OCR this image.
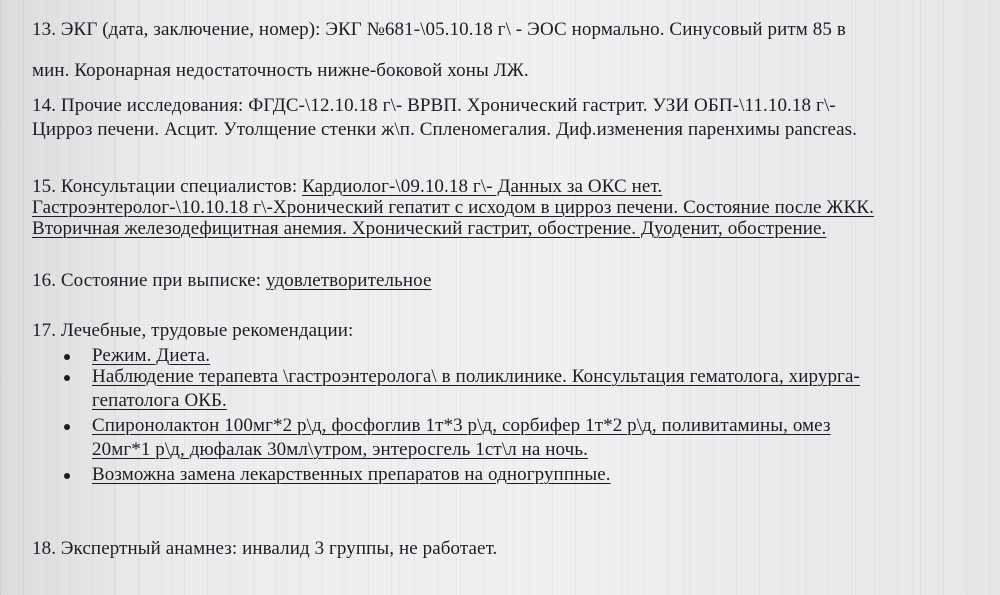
13. ЭКГ (дата, заключение, номер): ЭКГ №681-\05.10.18 г\ - ЭОС нормально. Синусовый ритм 85 в
мин. Коронарная недостаточность нижне-боковой хоны ЛЖ.
14. Прочие исследования: ФГДС-\12.10.18 г\- ВРВП. Хронический гастрит. УЗИ ОБП-\11.10.18 г\-
Цирроз печени. Асцит. Утолщение стенки ж\п. Спленомегалия. Диф.изменения паренхимы pancreas.
15. Консультации специалистов: Кардиолог-\09.10.18 г\- Данных за ОКС нет.
Гастроэнтеролог-\10.10.18 г\-Хронический гепатит с исходом в цирроз печени. Состояние после ЖКК.
Вторичная железодефицитная анемия. Хронический гастрит, обострение. Дуоденит, обострение.
16. Состояние при выписке: удовлетворительное
17. Лечебные, трудовые рекомендации:
Режим. Диета.
Наблюдение терапевта \гастроэнтеролога\ в поликлинике. Консультация гематолога, хирурга-
гепатолога ОКБ.
Спиронолактон 100мг*2 р\д, фосфоглив 1т*3 р\д, сорбифер 1т*2 р\д, поливитамины, омез
20мг*1 р\д, дюфалак 30мл\утром, энтеросгель 1ст\л на ночь.
Возможна замена лекарственных препаратов на одногруппные.
18. Экспертный анамнез: инвалид 3 группы, не работает.
